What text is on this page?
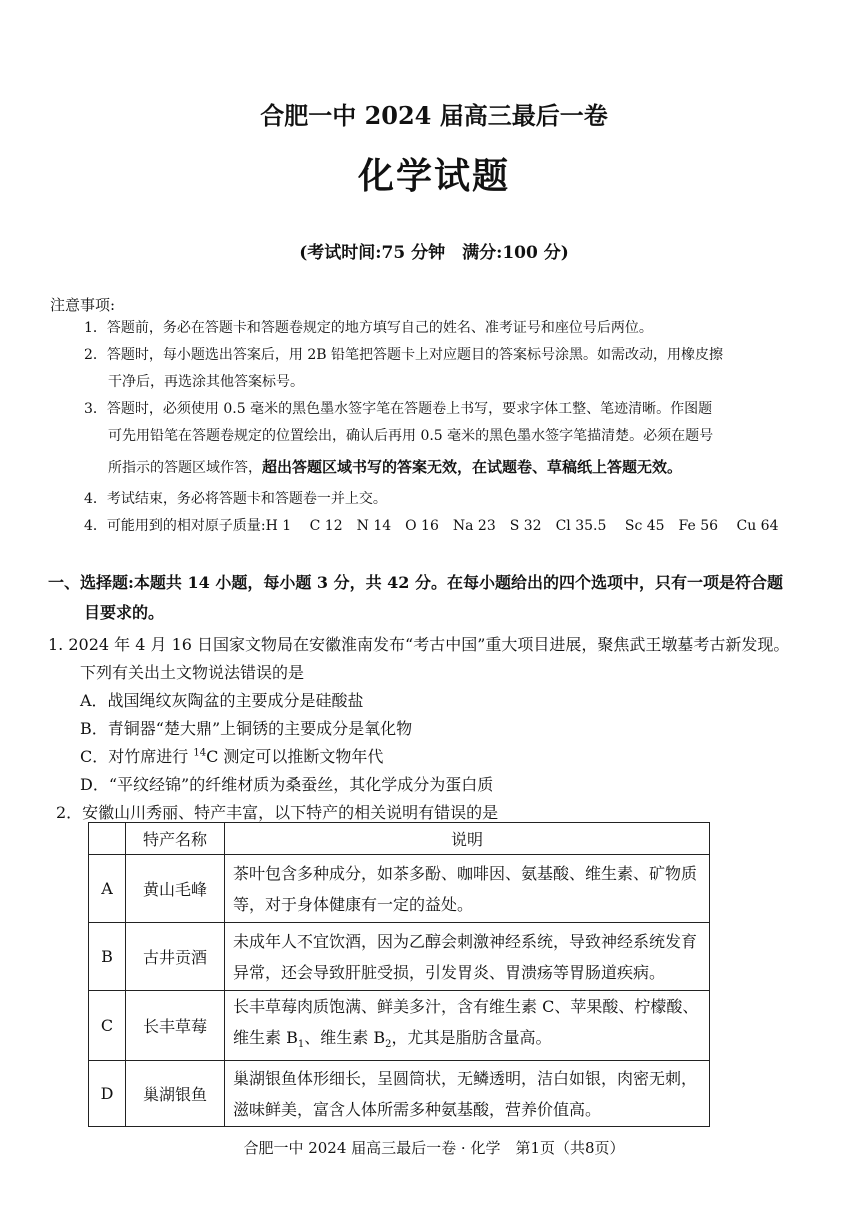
合肥一中 2024 届高三最后一卷
化学试题
(考试时间:75 分钟　满分:100 分)
注意事项:
1．答题前，务必在答题卡和答题卷规定的地方填写自己的姓名、准考证号和座位号后两位。
2．答题时，每小题选出答案后，用 2B 铅笔把答题卡上对应题目的答案标号涂黑。如需改动，用橡皮擦
干净后，再选涂其他答案标号。
3．答题时，必须使用 0.5 毫米的黑色墨水签字笔在答题卷上书写，要求字体工整、笔迹清晰。作图题
可先用铅笔在答题卷规定的位置绘出，确认后再用 0.5 毫米的黑色墨水签字笔描清楚。必须在题号
所指示的答题区域作答，超出答题区域书写的答案无效，在试题卷、草稿纸上答题无效。
4．考试结束，务必将答题卡和答题卷一并上交。
4．可能用到的相对原子质量:H 1　 C 12　N 14　O 16　Na 23　S 32　Cl 35.5　 Sc 45　Fe 56　 Cu 64
一、选择题:本题共 14 小题，每小题 3 分，共 42 分。在每小题给出的四个选项中，只有一项是符合题
目要求的。
1. 2024 年 4 月 16 日国家文物局在安徽淮南发布“考古中国”重大项目进展，聚焦武王墩墓考古新发现。
下列有关出土文物说法错误的是
A．战国绳纹灰陶盆的主要成分是硅酸盐
B．青铜器“楚大鼎”上铜锈的主要成分是氧化物
C．对竹席进行 $^{14}$C 测定可以推断文物年代
D．“平纹经锦”的纤维材质为桑蚕丝，其化学成分为蛋白质
2．安徽山川秀丽、特产丰富，以下特产的相关说明有错误的是
	特产名称	说明
A	黄山毛峰	茶叶包含多种成分，如茶多酚、咖啡因、氨基酸、维生素、矿物质等，对于身体健康有一定的益处。
B	古井贡酒	未成年人不宜饮酒，因为乙醇会刺激神经系统，导致神经系统发育异常，还会导致肝脏受损，引发胃炎、胃溃疡等胃肠道疾病。
C	长丰草莓	长丰草莓肉质饱满、鲜美多汁，含有维生素 C、苹果酸、柠檬酸、维生素 $B_1$、维生素 $B_2$，尤其是脂肪含量高。
D	巢湖银鱼	巢湖银鱼体形细长，呈圆筒状，无鳞透明，洁白如银，肉密无刺，滋味鲜美，富含人体所需多种氨基酸，营养价值高。
合肥一中 2024 届高三最后一卷 · 化学　第1页（共8页）
